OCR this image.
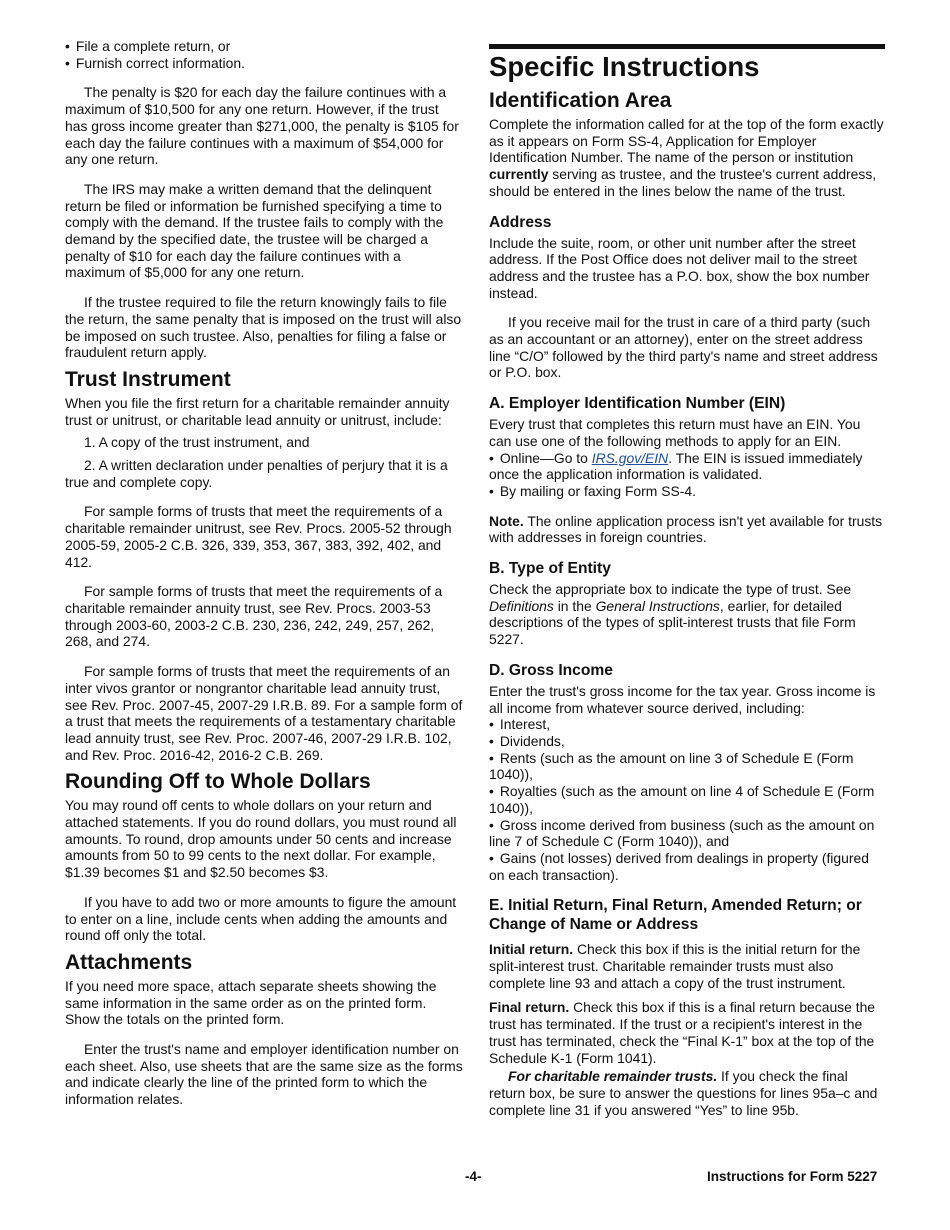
• File a complete return, or
• Furnish correct information.

The penalty is $20 for each day the failure continues with a maximum of $10,500 for any one return. However, if the trust has gross income greater than $271,000, the penalty is $105 for each day the failure continues with a maximum of $54,000 for any one return.

The IRS may make a written demand that the delinquent return be filed or information be furnished specifying a time to comply with the demand. If the trustee fails to comply with the demand by the specified date, the trustee will be charged a penalty of $10 for each day the failure continues with a maximum of $5,000 for any one return.

If the trustee required to file the return knowingly fails to file the return, the same penalty that is imposed on the trust will also be imposed on such trustee. Also, penalties for filing a false or fraudulent return apply.

Trust Instrument

When you file the first return for a charitable remainder annuity trust or unitrust, or charitable lead annuity or unitrust, include:

1. A copy of the trust instrument, and
2. A written declaration under penalties of perjury that it is a true and complete copy.

For sample forms of trusts that meet the requirements of a charitable remainder unitrust, see Rev. Procs. 2005-52 through 2005-59, 2005-2 C.B. 326, 339, 353, 367, 383, 392, 402, and 412.

For sample forms of trusts that meet the requirements of a charitable remainder annuity trust, see Rev. Procs. 2003-53 through 2003-60, 2003-2 C.B. 230, 236, 242, 249, 257, 262, 268, and 274.

For sample forms of trusts that meet the requirements of an inter vivos grantor or nongrantor charitable lead annuity trust, see Rev. Proc. 2007-45, 2007-29 I.R.B. 89. For a sample form of a trust that meets the requirements of a testamentary charitable lead annuity trust, see Rev. Proc. 2007-46, 2007-29 I.R.B. 102, and Rev. Proc. 2016-42, 2016-2 C.B. 269.

Rounding Off to Whole Dollars

You may round off cents to whole dollars on your return and attached statements. If you do round dollars, you must round all amounts. To round, drop amounts under 50 cents and increase amounts from 50 to 99 cents to the next dollar. For example, $1.39 becomes $1 and $2.50 becomes $3.

If you have to add two or more amounts to figure the amount to enter on a line, include cents when adding the amounts and round off only the total.

Attachments

If you need more space, attach separate sheets showing the same information in the same order as on the printed form. Show the totals on the printed form.

Enter the trust's name and employer identification number on each sheet. Also, use sheets that are the same size as the forms and indicate clearly the line of the printed form to which the information relates.

Specific Instructions
Identification Area

Complete the information called for at the top of the form exactly as it appears on Form SS-4, Application for Employer Identification Number. The name of the person or institution currently serving as trustee, and the trustee's current address, should be entered in the lines below the name of the trust.

Address

Include the suite, room, or other unit number after the street address. If the Post Office does not deliver mail to the street address and the trustee has a P.O. box, show the box number instead.

If you receive mail for the trust in care of a third party (such as an accountant or an attorney), enter on the street address line “C/O” followed by the third party's name and street address or P.O. box.

A. Employer Identification Number (EIN)
Every trust that completes this return must have an EIN. You can use one of the following methods to apply for an EIN.
• Online—Go to IRS.gov/EIN. The EIN is issued immediately once the application information is validated.
• By mailing or faxing Form SS-4.

Note. The online application process isn't yet available for trusts with addresses in foreign countries.

B. Type of Entity

Check the appropriate box to indicate the type of trust. See Definitions in the General Instructions, earlier, for detailed descriptions of the types of split-interest trusts that file Form 5227.

D. Gross Income
Enter the trust's gross income for the tax year. Gross income is all income from whatever source derived, including:
• Interest,
• Dividends,
• Rents (such as the amount on line 3 of Schedule E (Form 1040)),
• Royalties (such as the amount on line 4 of Schedule E (Form 1040)),
• Gross income derived from business (such as the amount on line 7 of Schedule C (Form 1040)), and
• Gains (not losses) derived from dealings in property (figured on each transaction).
E. Initial Return, Final Return, Amended Return; or Change of Name or Address

Initial return. Check this box if this is the initial return for the split-interest trust. Charitable remainder trusts must also complete line 93 and attach a copy of the trust instrument.

Final return. Check this box if this is a final return because the trust has terminated. If the trust or a recipient's interest in the trust has terminated, check the “Final K-1” box at the top of the Schedule K-1 (Form 1041).

For charitable remainder trusts. If you check the final return box, be sure to answer the questions for lines 95a–c and complete line 31 if you answered “Yes” to line 95b.

-4-	Instructions for Form 5227
